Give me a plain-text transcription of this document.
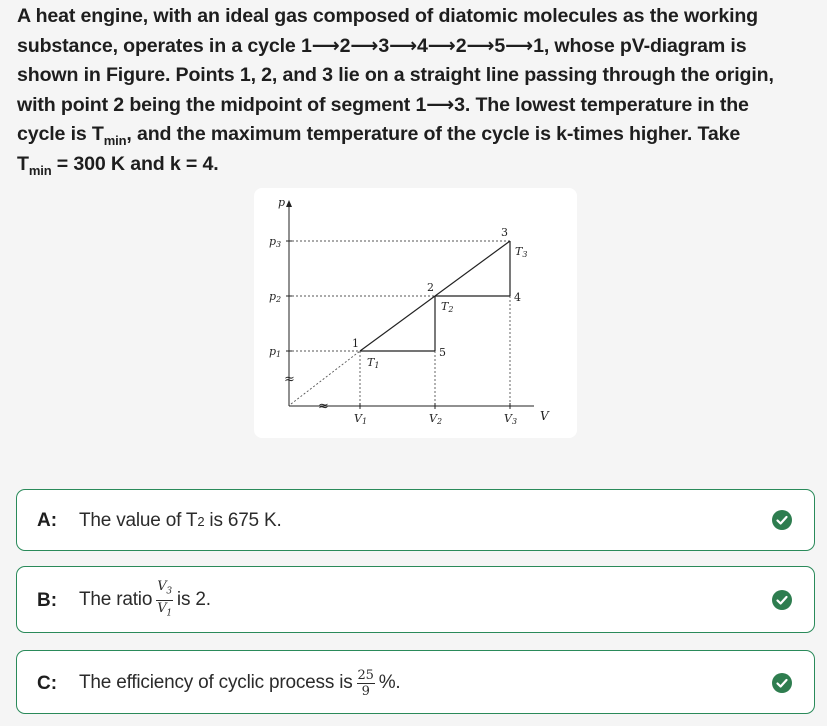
A heat engine, with an ideal gas composed of diatomic molecules as the working
substance, operates in a cycle 1⟶2⟶3⟶4⟶2⟶5⟶1, whose pV-diagram is
shown in Figure. Points 1, 2, and 3 lie on a straight line passing through the origin,
with point 2 being the midpoint of segment 1⟶3. The lowest temperature in the
cycle is $T_{min}$, and the maximum temperature of the cycle is k-times higher. Take
$T_{min} = 300$ K and k = 4.
≈
≈
p
V
p3
p2
p1
V1	V2	V3
1
2
3
4
5
T1
T2
T3
A: The value of T 2 is 675 K.
B: The ratio $\frac{V_3}{V_1}$ is 2.
C: The efficiency of cyclic process is $\frac{25}{9}$ %.
